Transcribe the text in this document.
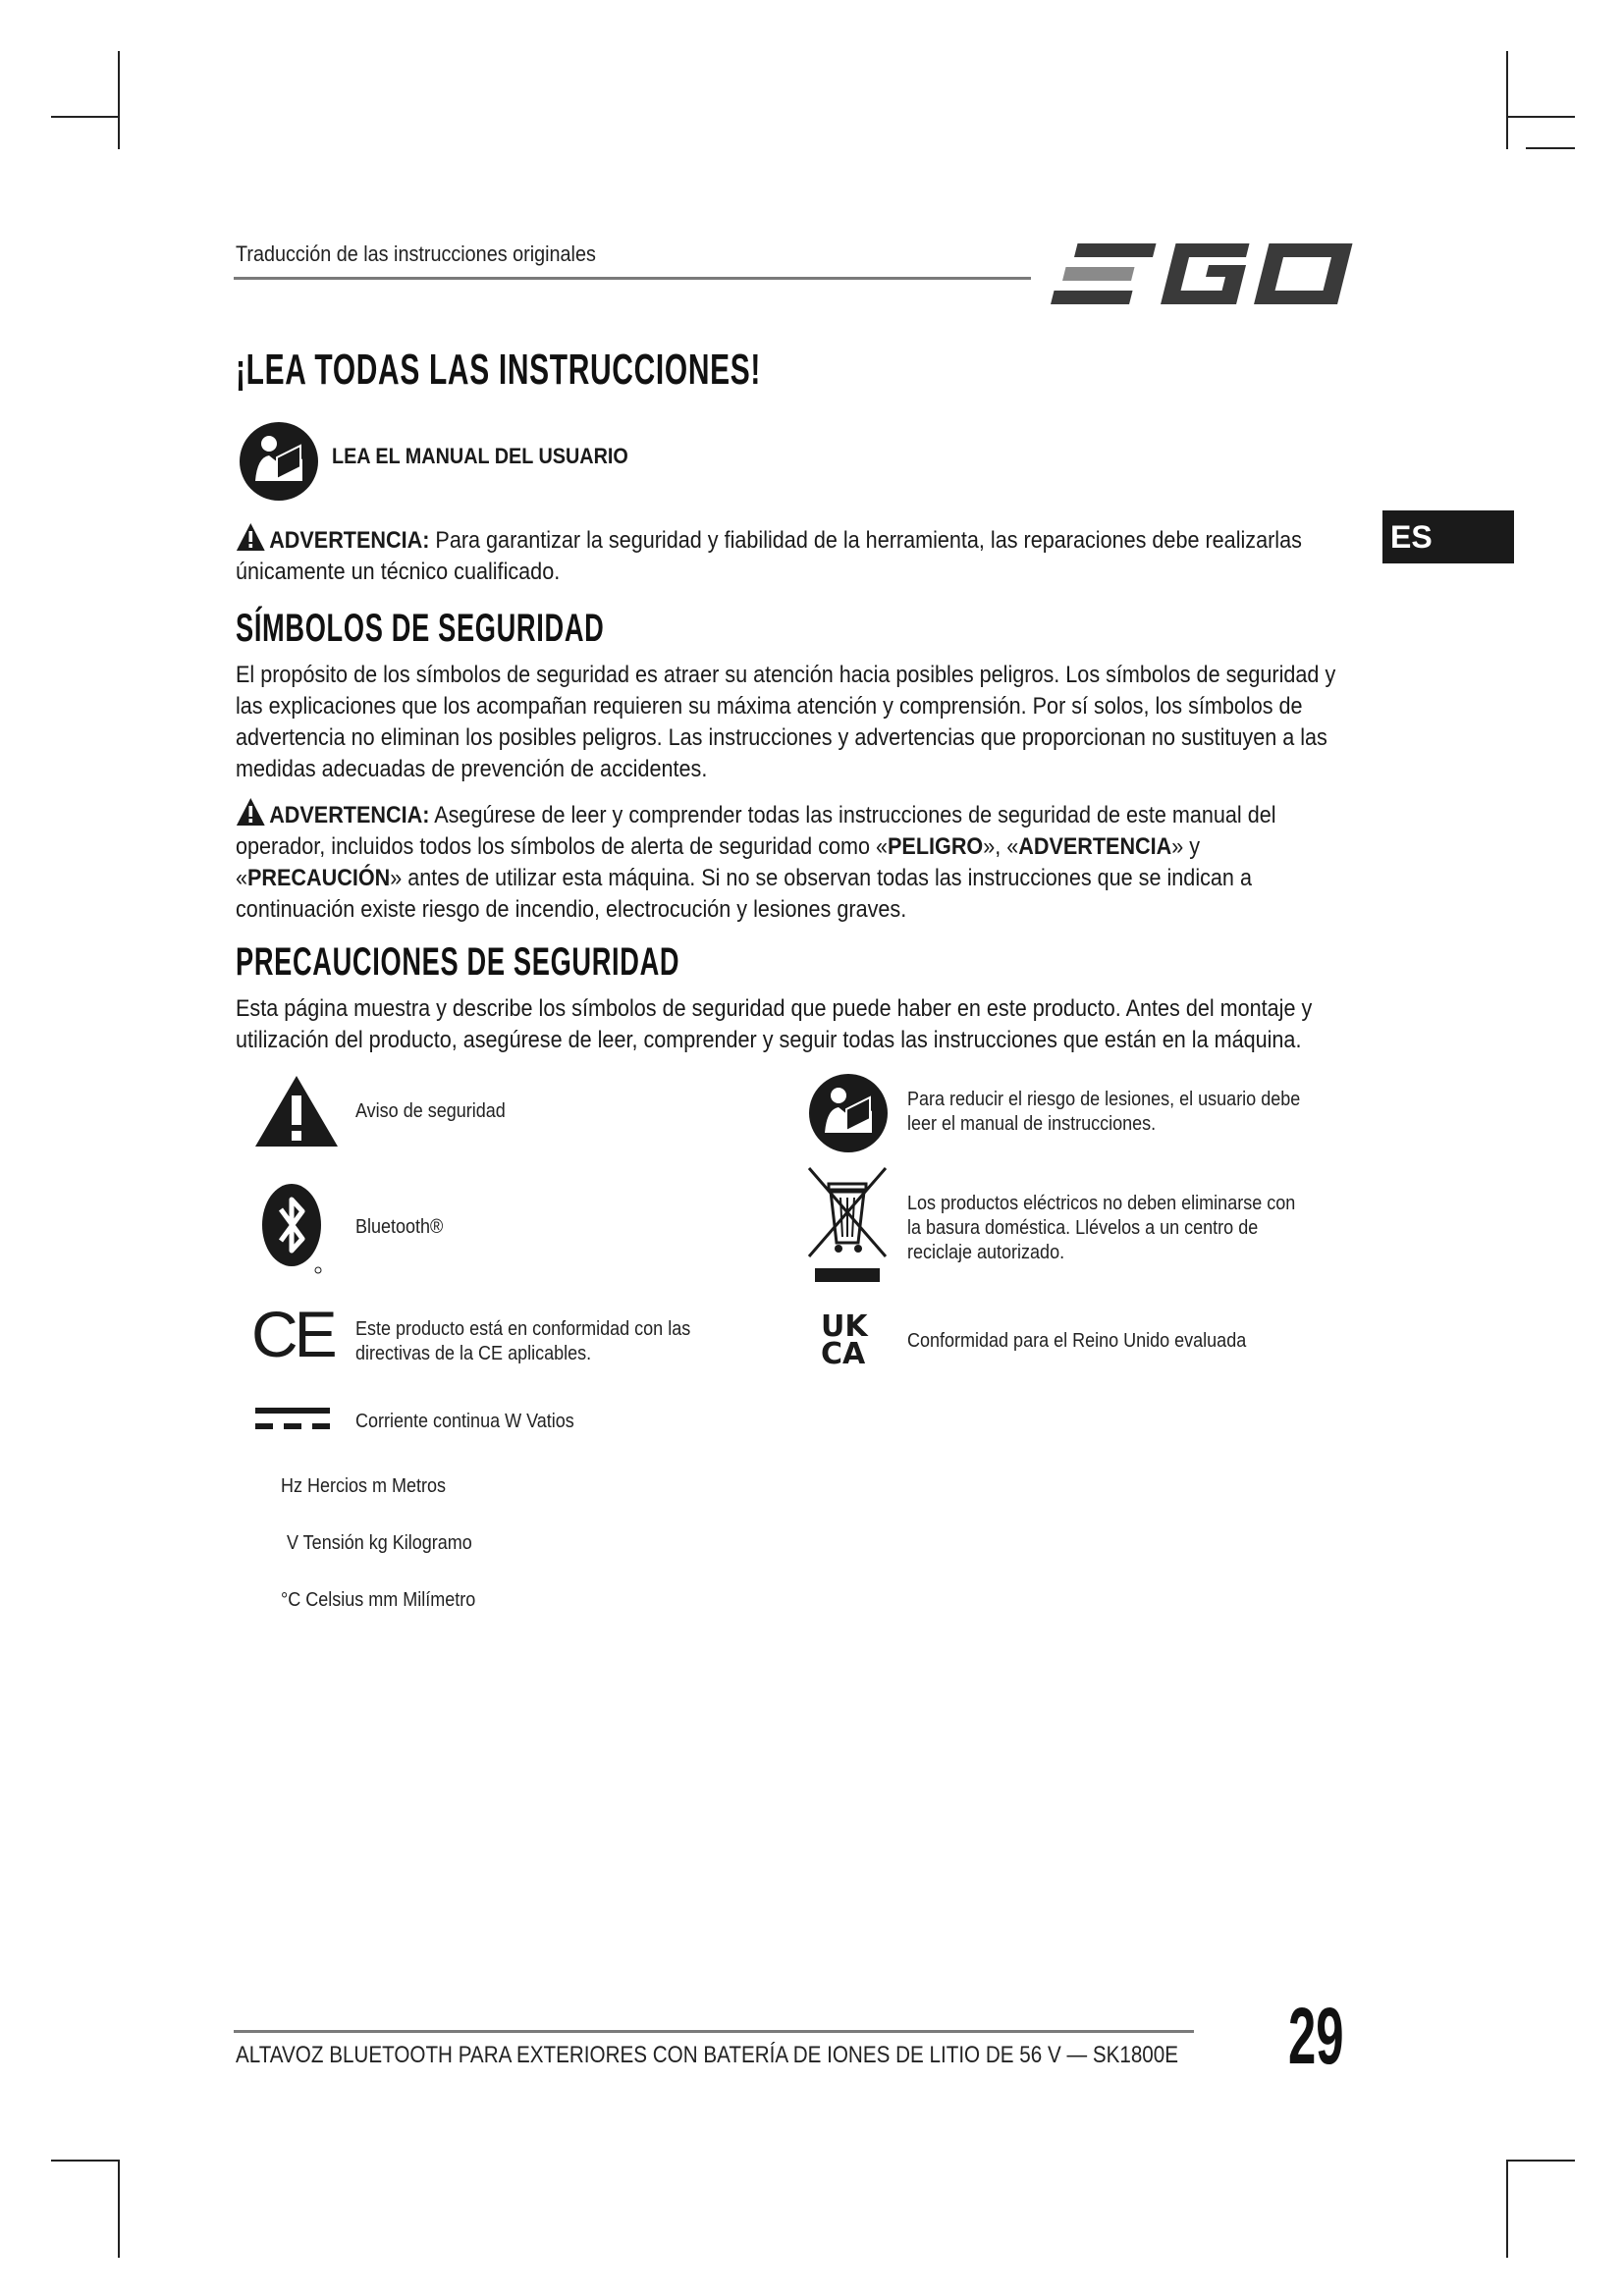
Traducción de las instrucciones originales
ES
¡LEA TODAS LAS INSTRUCCIONES!
LEA EL MANUAL DEL USUARIO
ADVERTENCIA: Para garantizar la seguridad y fiabilidad de la herramienta, las reparaciones debe realizarlas únicamente un técnico cualificado.
SÍMBOLOS DE SEGURIDAD
El propósito de los símbolos de seguridad es atraer su atención hacia posibles peligros. Los símbolos de seguridad y las explicaciones que los acompañan requieren su máxima atención y comprensión. Por sí solos, los símbolos de advertencia no eliminan los posibles peligros. Las instrucciones y advertencias que proporcionan no sustituyen a las medidas adecuadas de prevención de accidentes.
ADVERTENCIA: Asegúrese de leer y comprender todas las instrucciones de seguridad de este manual del operador, incluidos todos los símbolos de alerta de seguridad como «PELIGRO», «ADVERTENCIA» y «PRECAUCIÓN» antes de utilizar esta máquina. Si no se observan todas las instrucciones que se indican a continuación existe riesgo de incendio, electrocución y lesiones graves.
PRECAUCIONES DE SEGURIDAD
Esta página muestra y describe los símbolos de seguridad que puede haber en este producto. Antes del montaje y utilización del producto, asegúrese de leer, comprender y seguir todas las instrucciones que están en la máquina.
Aviso de seguridad
Bluetooth®
CE Este producto está en conformidad con las directivas de la CE aplicables.
Corriente continua W Vatios
Hz Hercios m Metros
V Tensión kg Kilogramo
°C Celsius mm Milímetro
Para reducir el riesgo de lesiones, el usuario debe leer el manual de instrucciones.
Los productos eléctricos no deben eliminarse con la basura doméstica. Llévelos a un centro de reciclaje autorizado.
UK
CA Conformidad para el Reino Unido evaluada
ALTAVOZ BLUETOOTH PARA EXTERIORES CON BATERÍA DE IONES DE LITIO DE 56 V — SK1800E 29
